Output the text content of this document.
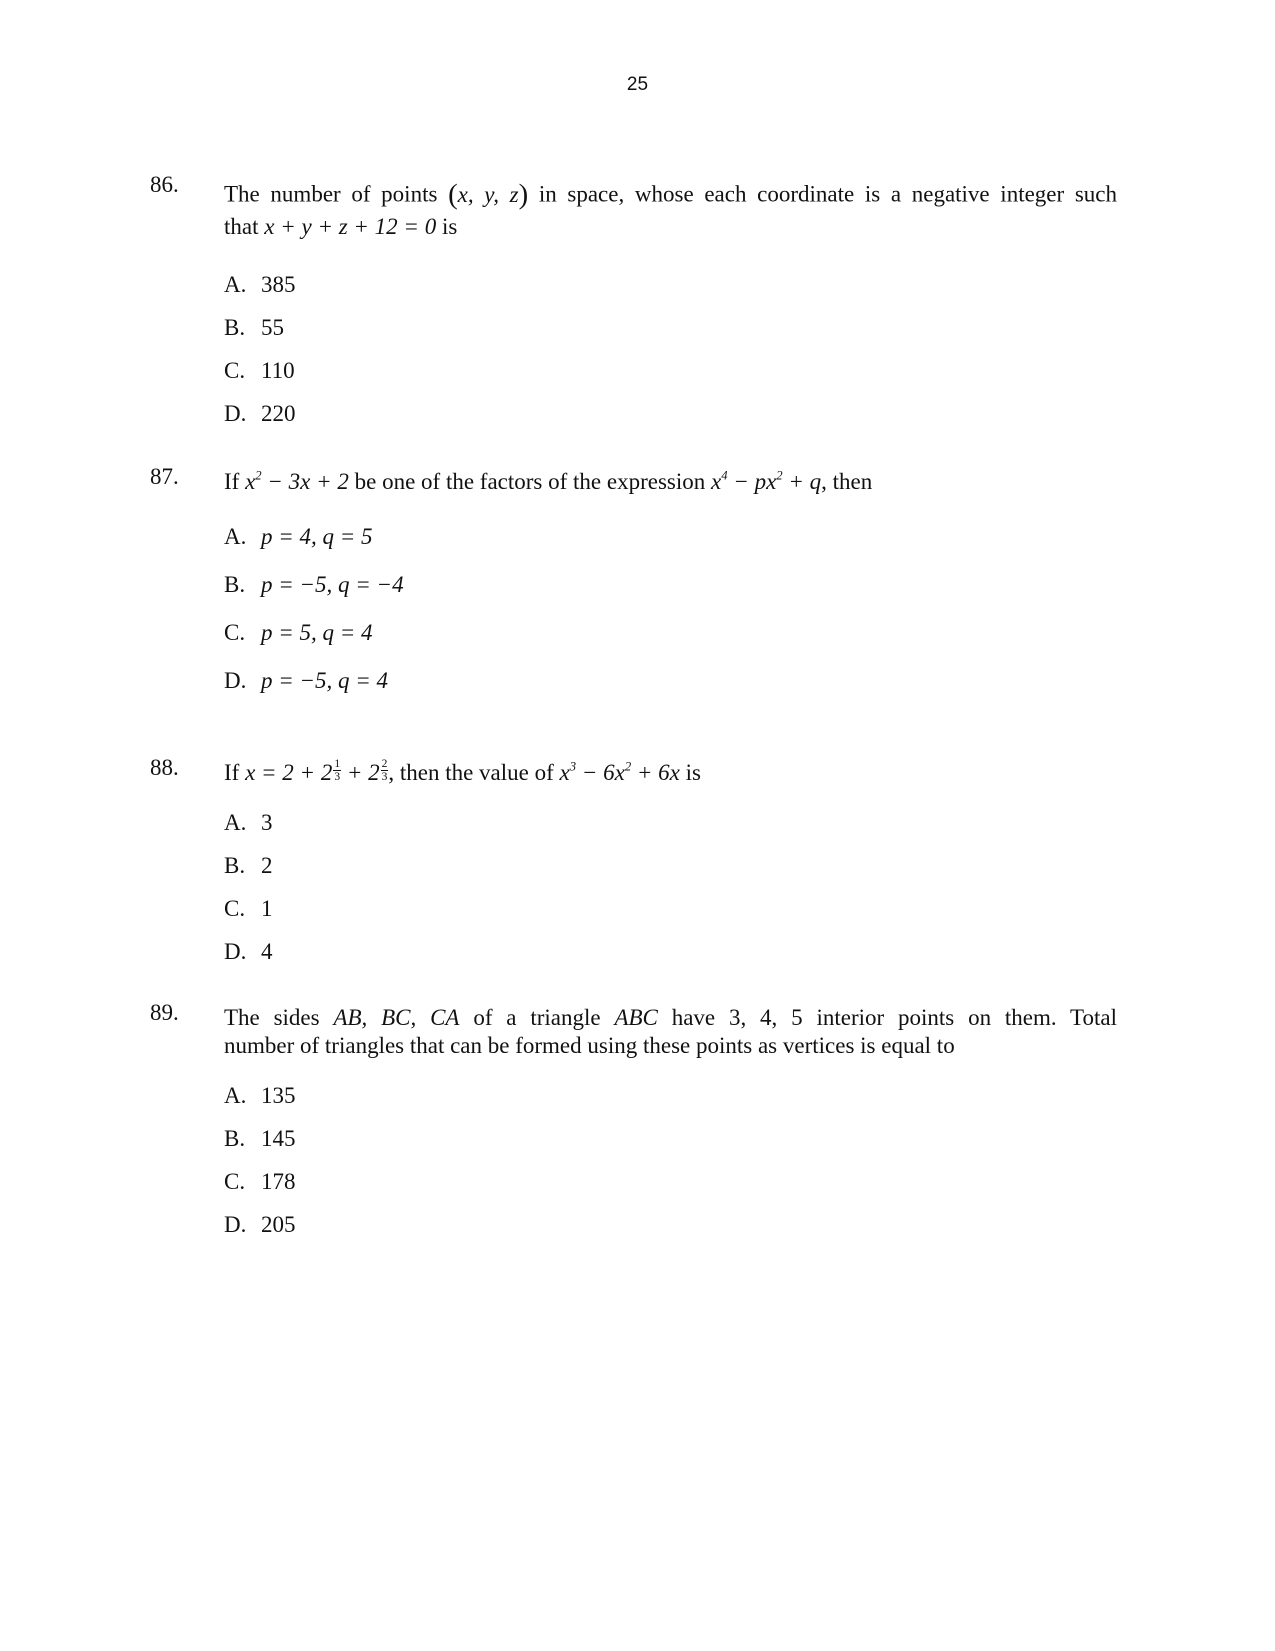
25
86. The number of points (x, y, z) in space, whose each coordinate is a negative integer such
that x + y + z + 12 = 0 is
A. 385
B. 55
C. 110
D. 220
87. If $x^2 - 3x + 2$ be one of the factors of the expression $x^4 - px^2 + q$, then
A. p = 4, q = 5
B. p = −5, q = −4
C. p = 5, q = 4
D. p = −5, q = 4
88. If $x = 2 + 2 \frac{1}{3} + 2 \frac{2}{3}$ , then the value of $x^3 - 6x^2 + 6x$ is
A. 3
B. 2
C. 1
D. 4
89. The sides AB, BC, CA of a triangle ABC have 3, 4, 5 interior points on them. Total
number of triangles that can be formed using these points as vertices is equal to
A. 135
B. 145
C. 178
D. 205
